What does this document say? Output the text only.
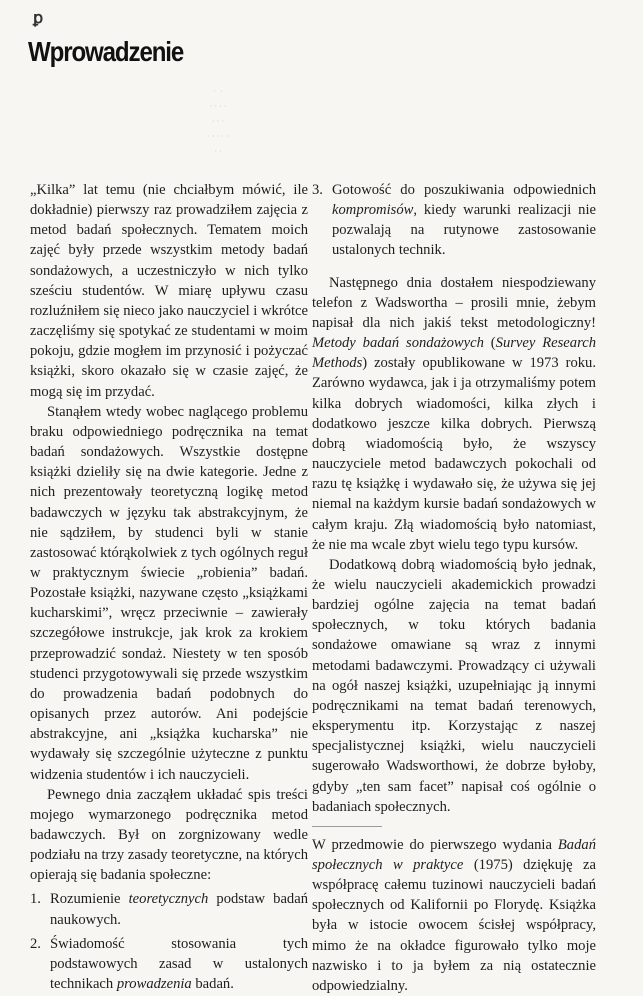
ꝑ
Wprowadzenie
·  ·
· · · ·
· · ·
· · · · ·
· ·

„Kilka” lat temu (nie chciałbym mówić, ile dokładnie) pierwszy raz prowadziłem zajęcia z metod badań społecznych. Tematem moich zajęć były przede wszystkim metody badań sondażowych, a uczestniczyło w nich tylko sześciu studentów. W miarę upływu czasu rozluźniłem się nieco jako nauczyciel i wkrótce zaczęliśmy się spotykać ze studentami w moim pokoju, gdzie mogłem im przynosić i pożyczać książki, skoro okazało się w czasie zajęć, że mogą się im przydać.

Stanąłem wtedy wobec naglącego problemu braku odpowiedniego podręcznika na temat badań sondażowych. Wszystkie dostępne książki dzieliły się na dwie kategorie. Jedne z nich prezentowały teoretyczną logikę metod badawczych w języku tak abstrakcyjnym, że nie sądziłem, by studenci byli w stanie zastosować którąkolwiek z tych ogólnych reguł w praktycznym świecie „robienia” badań. Pozostałe książki, nazywane często „książkami kucharskimi”, wręcz przeciwnie – zawierały szczegółowe instrukcje, jak krok za krokiem przeprowadzić sondaż. Niestety w ten sposób studenci przygotowywali się przede wszystkim do prowadzenia badań podobnych do opisanych przez autorów. Ani podejście abstrakcyjne, ani „książka kucharska” nie wydawały się szczególnie użyteczne z punktu widzenia studentów i ich nauczycieli.

Pewnego dnia zacząłem układać spis treści mojego wymarzonego podręcznika metod badawczych. Był on zorgnizowany wedle podziału na trzy zasady teoretyczne, na których opierają się badania społeczne:

1. Rozumienie teoretycznych podstaw badań naukowych.
2. Świadomość stosowania tych podstawowych zasad w ustalonych technikach prowadzenia badań.
3. Gotowość do poszukiwania odpowiednich kompromisów, kiedy warunki realizacji nie pozwalają na rutynowe zastosowanie ustalonych technik.

Następnego dnia dostałem niespodziewany telefon z Wadswortha – prosili mnie, żebym napisał dla nich jakiś tekst metodologiczny! Metody badań sondażowych (Survey Research Methods) zostały opublikowane w 1973 roku. Zarówno wydawca, jak i ja otrzymaliśmy potem kilka dobrych wiadomości, kilka złych i dodatkowo jeszcze kilka dobrych. Pierwszą dobrą wiadomością było, że wszyscy nauczyciele metod badawczych pokochali od razu tę książkę i wydawało się, że używa się jej niemal na każdym kursie badań sondażowych w całym kraju. Złą wiadomością było natomiast, że nie ma wcale zbyt wielu tego typu kursów.

Dodatkową dobrą wiadomością było jednak, że wielu nauczycieli akademickich prowadzi bardziej ogólne zajęcia na temat badań społecznych, w toku których badania sondażowe omawiane są wraz z innymi metodami badawczymi. Prowadzący ci używali na ogół naszej książki, uzupełniając ją innymi podręcznikami na temat badań terenowych, eksperymentu itp. Korzystając z naszej specjalistycznej książki, wielu nauczycieli sugerowało Wadsworthowi, że dobrze byłoby, gdyby „ten sam facet” napisał coś ogólnie o badaniach społecznych.

W przedmowie do pierwszego wydania Badań społecznych w praktyce (1975) dziękuję za współpracę całemu tuzinowi nauczycieli badań społecznych od Kalifornii po Florydę. Książka była w istocie owocem ścisłej współpracy, mimo że na okładce figurowało tylko moje nazwisko i to ja byłem za nią ostatecznie odpowiedzialny.
